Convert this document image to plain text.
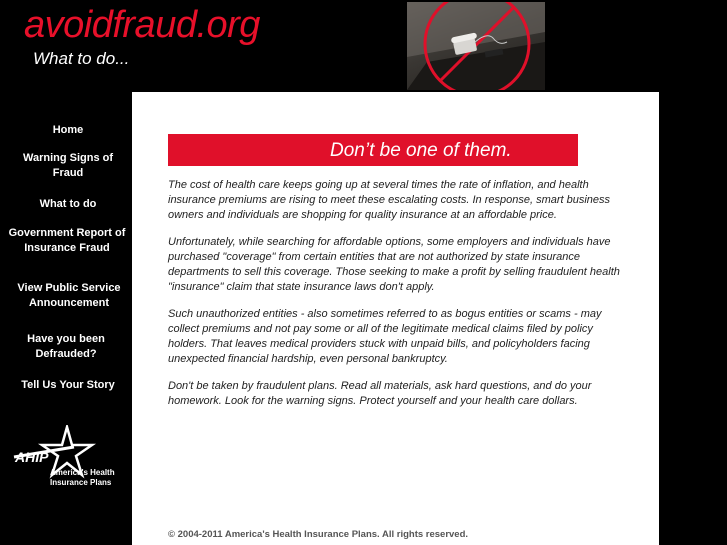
avoidfraud.org
What to do...
Home
Warning Signs of Fraud
What to do
Government Report of Insurance Fraud
View Public Service Announcement
Have you been Defrauded?
Tell Us Your Story
AHIP
America's Health
Insurance Plans
Don’t be one of them.

The cost of health care keeps going up at several times the rate of inflation, and health insurance premiums are rising to meet these escalating costs. In response, smart business owners and individuals are shopping for quality insurance at an affordable price.

Unfortunately, while searching for affordable options, some employers and individuals have purchased "coverage" from certain entities that are not authorized by state insurance departments to sell this coverage. Those seeking to make a profit by selling fraudulent health "insurance" claim that state insurance laws don't apply.

Such unauthorized entities - also sometimes referred to as bogus entities or scams - may collect premiums and not pay some or all of the legitimate medical claims filed by policy holders. That leaves medical providers stuck with unpaid bills, and policyholders facing unexpected financial hardship, even personal bankruptcy.

Don't be taken by fraudulent plans. Read all materials, ask hard questions, and do your homework. Look for the warning signs. Protect yourself and your health care dollars.

© 2004-2011 America's Health Insurance Plans. All rights reserved.
